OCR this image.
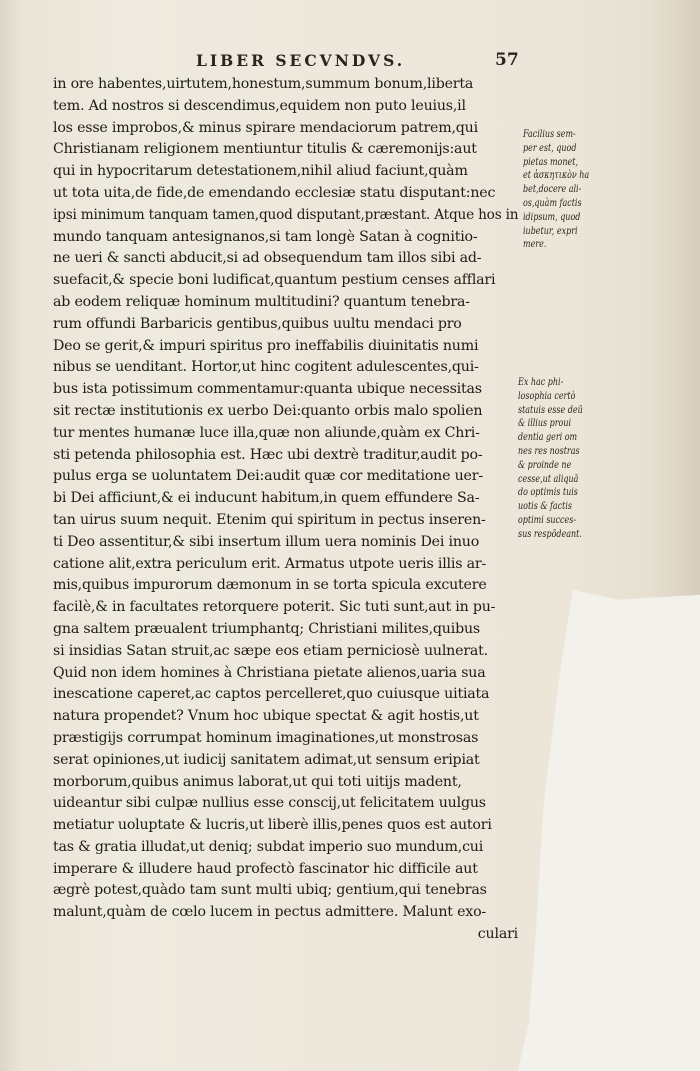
LIBER SECVNDVS.	57
in ore habentes,uirtutem,honestum,summum bonum,liberta
tem. Ad nostros si descendimus,equidem non puto leuius,il
los esse improbos,& minus spirare mendaciorum patrem,qui
Christianam religionem mentiuntur titulis & cæremonijs:aut
qui in hypocritarum detestationem,nihil aliud faciunt,quàm
ut tota uita,de fide,de emendando ecclesiæ statu disputant:nec
ipsi minimum tanquam tamen,quod disputant,præstant. Atque hos in
mundo tanquam antesignanos,si tam longè Satan à cognitio-
ne ueri & sancti abducit,si ad obsequendum tam illos sibi ad-
suefacit,& specie boni ludificat,quantum pestium censes afflari
ab eodem reliquæ hominum multitudini? quantum tenebra-
rum offundi Barbaricis gentibus,quibus uultu mendaci pro
Deo se gerit,& impuri spiritus pro ineffabilis diuinitatis numi
nibus se uenditant. Hortor,ut hinc cogitent adulescentes,qui-
bus ista potissimum commentamur:quanta ubique necessitas
sit rectæ institutionis ex uerbo Dei:quanto orbis malo spolien
tur mentes humanæ luce illa,quæ non aliunde,quàm ex Chri-
sti petenda philosophia est. Hæc ubi dextrè traditur,audit po-
pulus erga se uoluntatem Dei:audit quæ cor meditatione uer-
bi Dei afficiunt,& ei inducunt habitum,in quem effundere Sa-
tan uirus suum nequit. Etenim qui spiritum in pectus inseren-
ti Deo assentitur,& sibi insertum illum uera nominis Dei inuo
catione alit,extra periculum erit. Armatus utpote ueris illis ar-
mis,quibus impurorum dæmonum in se torta spicula excutere
facilè,& in facultates retorquere poterit. Sic tuti sunt,aut in pu-
gna saltem præualent triumphantq; Christiani milites,quibus
si insidias Satan struit,ac sæpe eos etiam perniciosè uulnerat.
Quid non idem homines à Christiana pietate alienos,uaria sua
inescatione caperet,ac captos percelleret,quo cuiusque uitiata
natura propendet? Vnum hoc ubique spectat & agit hostis,ut
præstigijs corrumpat hominum imaginationes,ut monstrosas
serat opiniones,ut iudicij sanitatem adimat,ut sensum eripiat
morborum,quibus animus laborat,ut qui toti uitijs madent,
uideantur sibi culpæ nullius esse conscij,ut felicitatem uulgus
metiatur uoluptate & lucris,ut liberè illis,penes quos est autori
tas & gratia illudat,ut deniq; subdat imperio suo mundum,cui
imperare & illudere haud profectò fascinator hic difficile aut
ægrè potest,quàdo tam sunt multi ubiq; gentium,qui tenebras
malunt,quàm de cœlo lucem in pectus admittere. Malunt exo-
culari
Facilius sem-
per est, quod
pietas monet,
et ἀσκητικὸν ha
bet,docere ali-
os,quàm factis
idipsum, quod
iubetur, expri
mere.
Ex hac phi-
losophia certò
statuis esse deū
& illius proui
dentia geri om
nes res nostras
& proinde ne
cesse,ut aliquā
do optimis tuis
uotis & factis
optimi succes-
sus respōdeant.
